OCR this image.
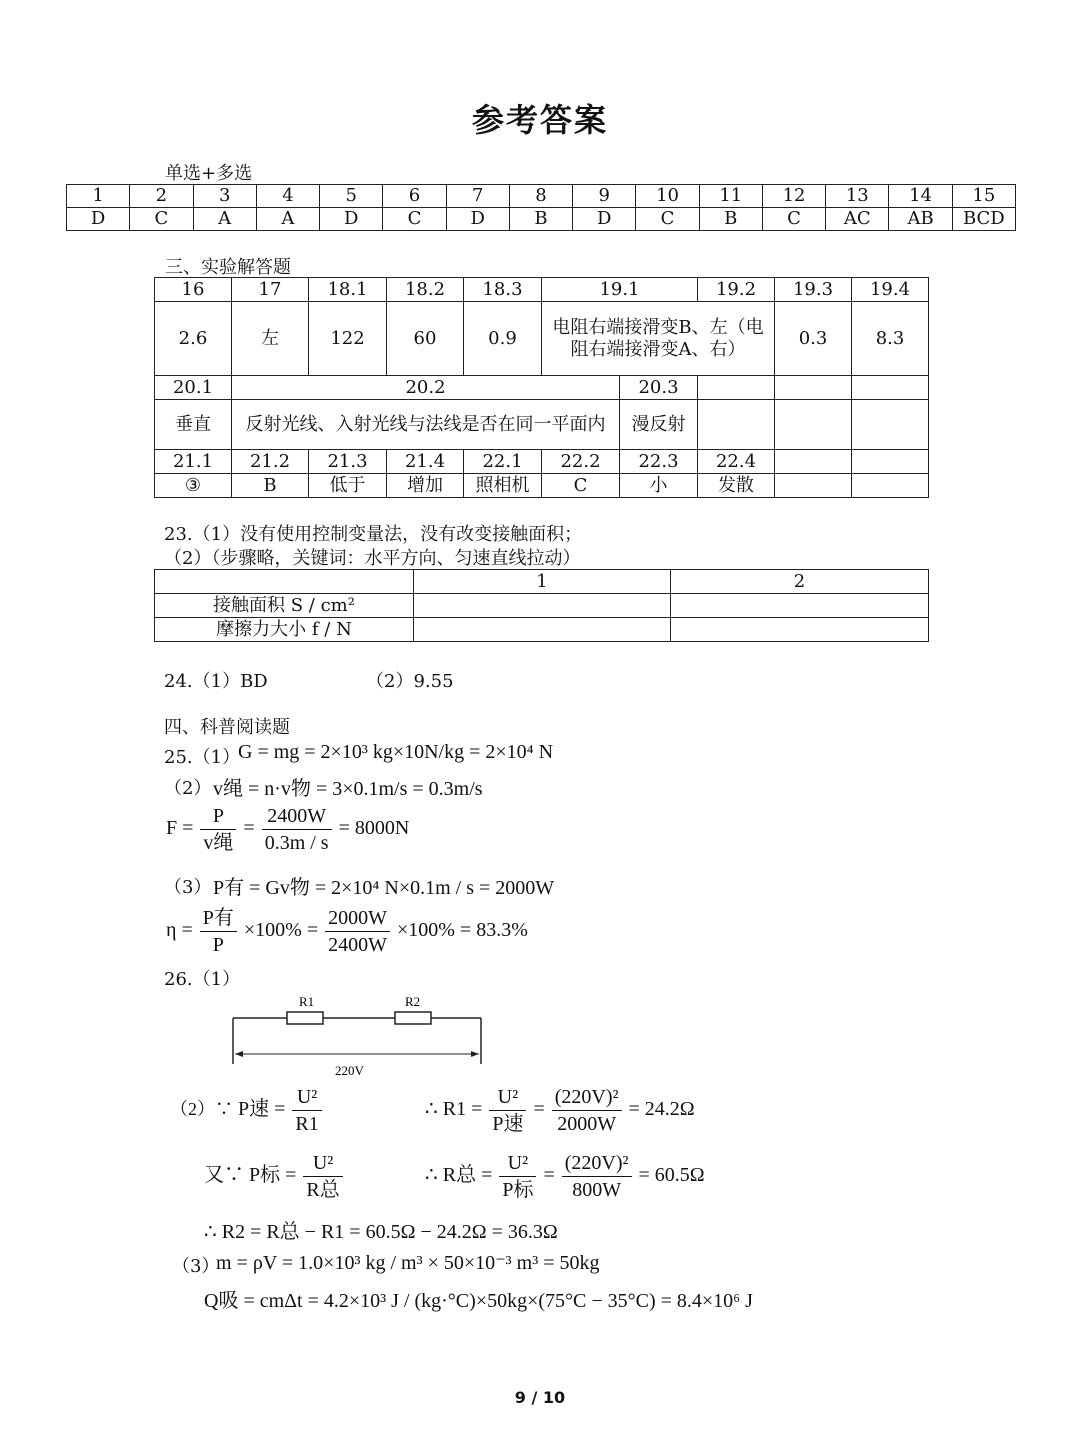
参考答案
单选+多选
1	2	3	4	5	6	7	8	9	10	11	12	13	14	15
D	C	A	A	D	C	D	B	D	C	B	C	AC	AB	BCD
三、实验解答题
16	17	18.1	18.2	18.3	19.1		19.2	19.3	19.4
2.6	左	122	60	0.9	电阻右端接滑变B、左（电阻右端接滑变A、右）			0.3	8.3
20.1	20.2					20.3			
垂直	反射光线、入射光线与法线是否在同一平面内					漫反射			
21.1	21.2	21.3	21.4	22.1	22.2	22.3	22.4		
③	B	低于	增加	照相机	C	小	发散		
23.（1）没有使用控制变量法，没有改变接触面积；
（2）（步骤略，关键词：水平方向、匀速直线拉动）
	1	2
接触面积 S / cm²		
摩擦力大小 f / N		
24.（1）BD	（2）9.55
四、科普阅读题
25.（1）
G = mg = 2×10³ kg×10N/kg = 2×10⁴ N
（2） v绳 = n·v物 = 3×0.1m/s = 0.3m/s
$F = \frac{P}{\text{v绳}} = \frac{2400W}{0.3m / s} = 8000N$
（3） P有 = Gv物 = 2×10⁴ N×0.1m / s = 2000W
$\eta = \frac{\text{P有}}{P} \times 100\% = \frac{2000W}{2400W} \times 100\% = 83.3\%$
26.（1）
R1	R2
220V
（2）∵ P速 = $\frac{\text{U²}}{R1}$	∴ $R1 = \frac{\text{U²}}{\text{P速}} = \frac{\text{(220V)²}}{2000W} = 24.2\Omega$
又∵ P标 = $\frac{\text{U²}}{\text{R总}}$	∴ R总 = $\frac{\text{U²}}{\text{P标}} = \frac{\text{(220V)²}}{800W} = 60.5\Omega$
∴ R2 = R总 − R1 = 60.5Ω − 24.2Ω = 36.3Ω
（3）
m = ρV = 1.0×10³ kg / m³ × 50×10⁻³ m³ = 50kg
Q吸 = cmΔt = 4.2×10³ J / (kg·°C)×50kg×(75°C − 35°C) = 8.4×10⁶ J
9 / 10
